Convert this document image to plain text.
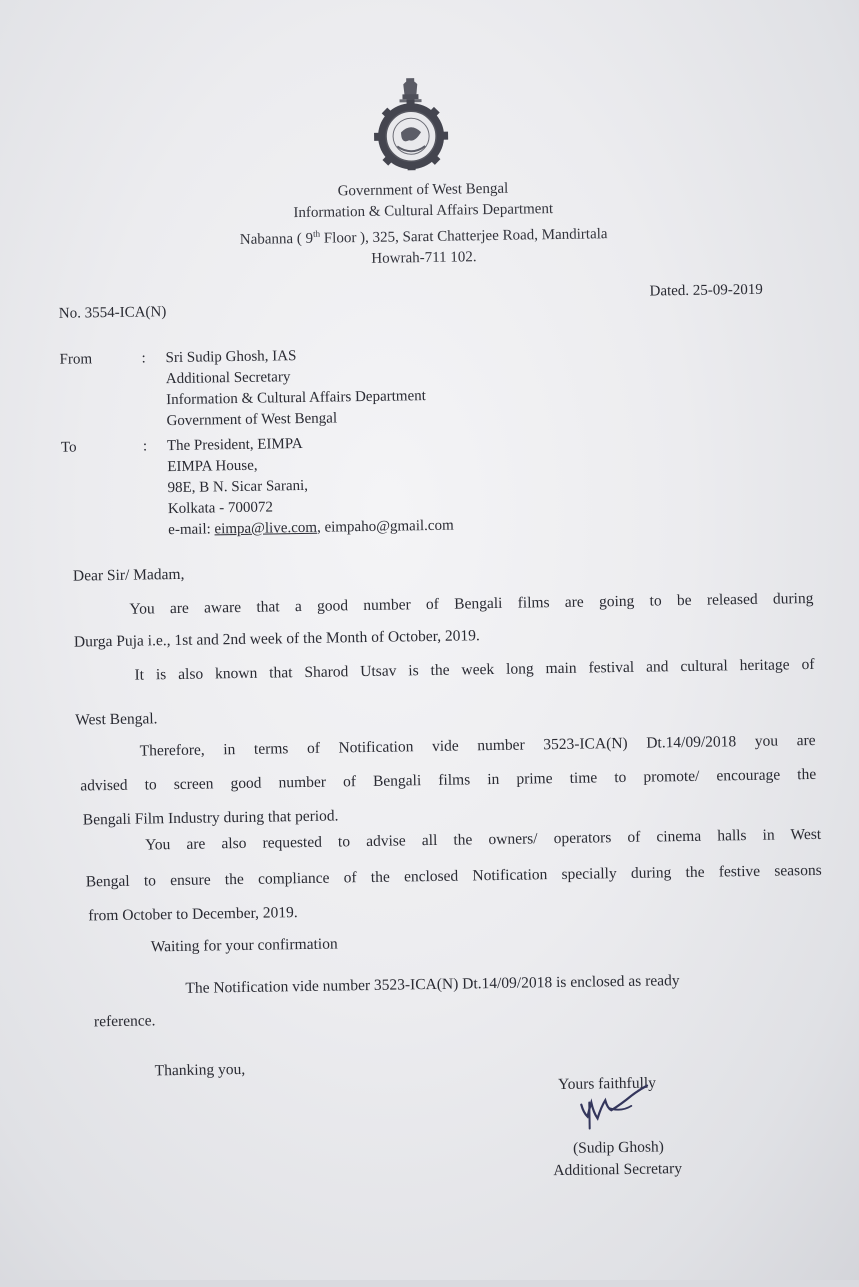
Government of West Bengal
Information & Cultural Affairs Department
Nabanna ( 9th Floor ), 325, Sarat Chatterjee Road, Mandirtala
Howrah-711 102.
No. 3554-ICA(N)
Dated. 25-09-2019
From	: Sri Sudip Ghosh, IAS
Additional Secretary
Information & Cultural Affairs Department
Government of West Bengal
To	: The President, EIMPA
EIMPA House,
98E, B N. Sicar Sarani,
Kolkata - 700072
e-mail: eimpa@live.com, eimpaho@gmail.com
Dear Sir/ Madam,
You are aware that a good number of Bengali films are going to be released during
Durga Puja i.e., 1st and 2nd week of the Month of October, 2019.
It is also known that Sharod Utsav is the week long main festival and cultural heritage of
West Bengal.
Therefore, in terms of Notification vide number 3523-ICA(N) Dt.14/09/2018 you are
advised to screen good number of Bengali films in prime time to promote/ encourage the
Bengali Film Industry during that period.
You are also requested to advise all the owners/ operators of cinema halls in West
Bengal to ensure the compliance of the enclosed Notification specially during the festive seasons
from October to December, 2019.
Waiting for your confirmation
The Notification vide number 3523-ICA(N) Dt.14/09/2018 is enclosed as ready
reference.
Thanking you,
Yours faithfully
(Sudip Ghosh)
Additional Secretary
